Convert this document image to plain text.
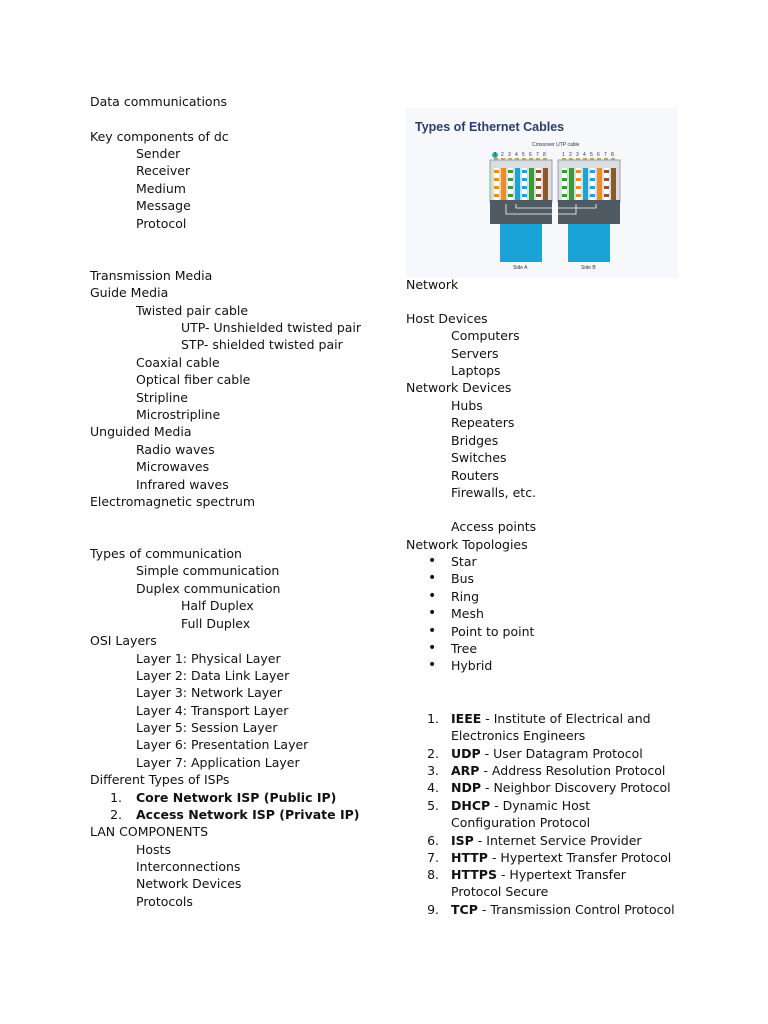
Data communications
Key components of dc
Sender
Receiver
Medium
Message
Protocol
Transmission Media
Guide Media
Twisted pair cable
UTP- Unshielded twisted pair
STP- shielded twisted pair
Coaxial cable
Optical fiber cable
Stripline
Microstripline
Unguided Media
Radio waves
Microwaves
Infrared waves
Electromagnetic spectrum
Types of communication
Simple communication
Duplex communication
Half Duplex
Full Duplex
OSI Layers
Layer 1: Physical Layer
Layer 2: Data Link Layer
Layer 3: Network Layer
Layer 4: Transport Layer
Layer 5: Session Layer
Layer 6: Presentation Layer
Layer 7: Application Layer
Different Types of ISPs
1. Core Network ISP (Public IP)
2. Access Network ISP (Private IP)
LAN COMPONENTS
Hosts
Interconnections
Network Devices
Protocols
Types of Ethernet Cables
Crossover UTP cable
1 2 3 4 5 6 7 8	1 2 3 4 5 6 7 8
Side A	Side B
Network
Host Devices
Computers
Servers
Laptops
Network Devices
Hubs
Repeaters
Bridges
Switches
Routers
Firewalls, etc.
Access points
Network Topologies
• Star
• Bus
• Ring
• Mesh
• Point to point
• Tree
• Hybrid
1. IEEE - Institute of Electrical and Electronics Engineers
2. UDP - User Datagram Protocol
3. ARP - Address Resolution Protocol
4. NDP - Neighbor Discovery Protocol
5. DHCP - Dynamic Host Configuration Protocol
6. ISP - Internet Service Provider
7. HTTP - Hypertext Transfer Protocol
8. HTTPS - Hypertext Transfer Protocol Secure
9. TCP - Transmission Control Protocol
